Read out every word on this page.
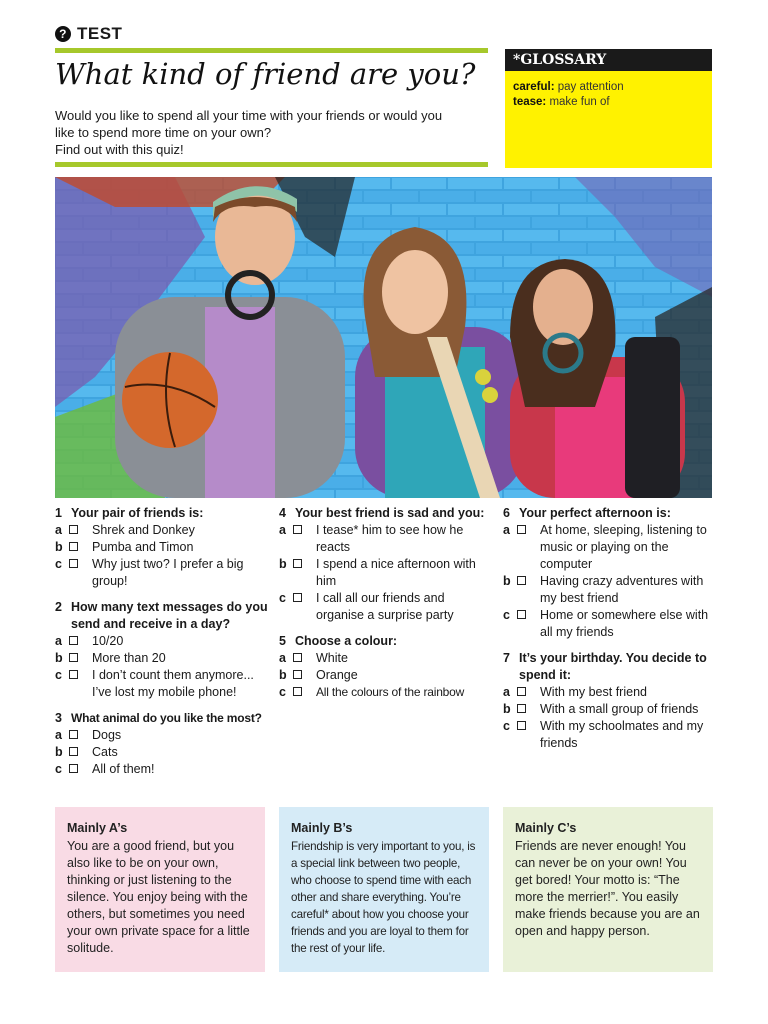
? TEST
What kind of friend are you?
Would you like to spend all your time with your friends or would you
like to spend more time on your own?
Find out with this quiz!
*GLOSSARY
careful: pay attention
tease: make fun of
1 Your pair of friends is:
a	Shrek and Donkey
b	Pumba and Timon
c	Why just two? I prefer a big group!
2 How many text messages do you send and receive in a day?
a	10/20
b	More than 20
c	I don’t count them anymore... I’ve lost my mobile phone!
3 What animal do you like the most?
a	Dogs
b	Cats
c	All of them!
4 Your best friend is sad and you:
a	I tease* him to see how he reacts
b	I spend a nice afternoon with him
c	I call all our friends and organise a surprise party
5 Choose a colour:
a	White
b	Orange
c	All the colours of the rainbow
6 Your perfect afternoon is:
a	At home, sleeping, listening to music or playing on the computer
b	Having crazy adventures with my best friend
c	Home or somewhere else with all my friends
7 It’s your birthday. You decide to spend it:
a	With my best friend
b	With a small group of friends
c	With my schoolmates and my friends
Mainly A’s
You are a good friend, but you also like to be on your own, thinking or just listening to the silence. You enjoy being with the others, but sometimes you need your own private space for a little solitude.
Mainly B’s
Friendship is very important to you, is a special link between two people, who choose to spend time with each other and share everything. You’re careful* about how you choose your friends and you are loyal to them for the rest of your life.
Mainly C’s
Friends are never enough! You can never be on your own! You get bored! Your motto is: “The more the merrier!”. You easily make friends because you are an open and happy person.
